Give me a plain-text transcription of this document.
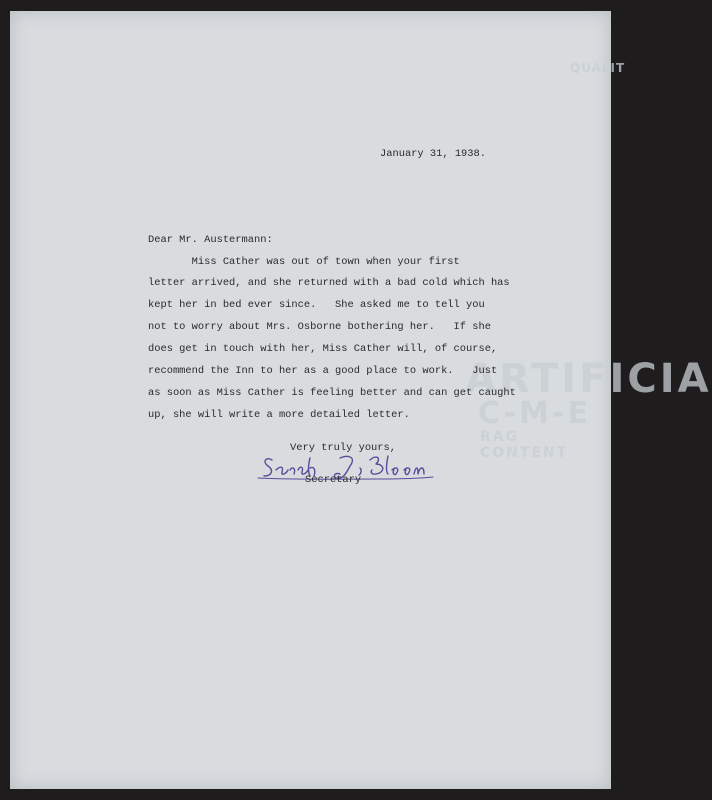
ARTIFICIA
C-M-E
RAG CONTENT
QUALIT
January 31, 1938.
Dear Mr. Austermann:
Miss Cather was out of town when your first
letter arrived, and she returned with a bad cold which has
kept her in bed ever since.   She asked me to tell you
not to worry about Mrs. Osborne bothering her.   If she
does get in touch with her, Miss Cather will, of course,
recommend the Inn to her as a good place to work.   Just
as soon as Miss Cather is feeling better and can get caught
up, she will write a more detailed letter.
Very truly yours,
Sarah J. Bloom
Secretary
